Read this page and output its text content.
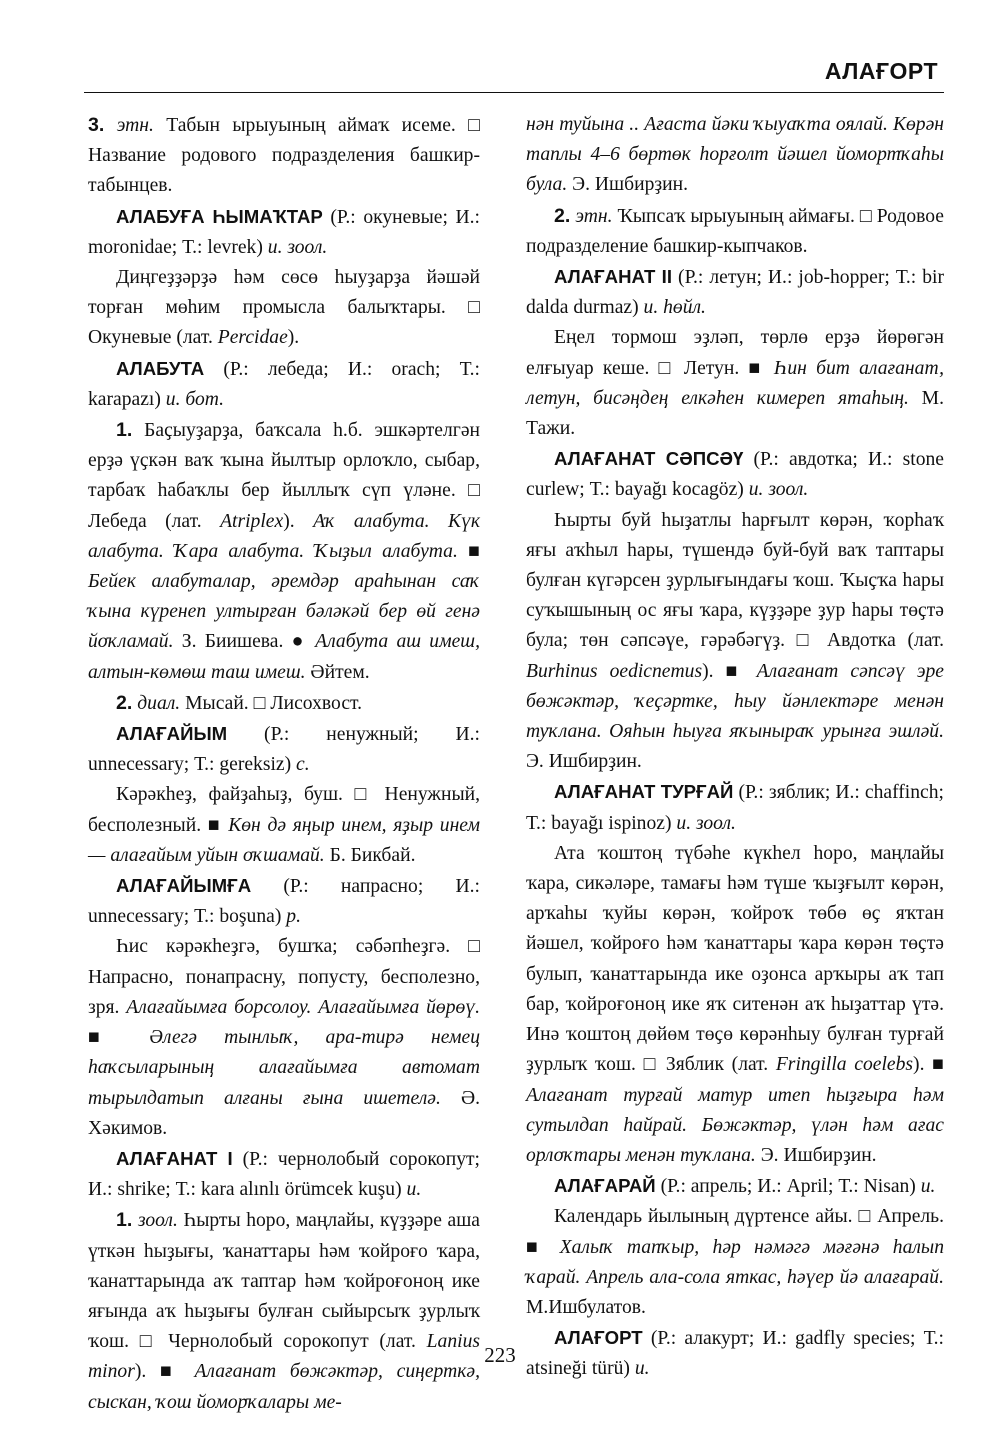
АЛАҒОРТ

3. этн. Табын ырыуының аймаҡ исеме. □ Название родового подразделения башкир-табынцев.

АЛАБУҒА ҺЫМАҠТАР (Р.: окуневые; И.: moronidae; Т.: levrek) и. зоол.

Диңгеҙҙәрҙә һәм сөсө һыуҙарҙа йәшәй торған мөһим промысла балыҡтары. □ Окуневые (лат. Percidae).

АЛАБУТА (Р.: лебеда; И.: orach; Т.: karapazı) и. бот.

1. Баҫыуҙарҙа, баҡсала һ.б. эшкәртелгән ерҙә үҫкән ваҡ ҡына йылтыр орлоҡло, сыбар, тарбаҡ һабаҡлы бер йыллыҡ сүп үләне. □ Лебеда (лат. Atriplex). Аҡ алабута. Күк алабута. Ҡара алабута. Ҡыҙыл алабута. ■ Бейек алабуталар, әремдәр араһынан саҡ ҡына күренеп ултырған бәләкәй бер өй генә йоҡламай. З. Биишева. ● Алабута аш имеш, алтын-көмөш таш имеш. Әйтем.

2. диал. Мысай. □ Лисохвост.

АЛАҒАЙЫМ (Р.: ненужный; И.: unnecessary; Т.: gereksiz) с.

Кәрәкһеҙ, файҙаһыҙ, буш. □ Ненужный, бесполезный. ■ Көн дә яңыр инем, яҙыр инем — алағайым уйын оҡшамай. Б. Бикбай.

АЛАҒАЙЫМҒА (Р.: напрасно; И.: unnecessary; Т.: boşuna) р.

Һис кәрәкһеҙгә, бушҡа; сәбәпһеҙгә. □ Напрасно, понапрасну, попусту, бесполезно, зря. Алағайымға борсолоу. Алағайымға йөрөү. ■ Әлегә тынлыҡ, ара-тирә немец һаҡсыларының алағайымға автомат тырылдатып алғаны ғына ишетелә. Ә. Хәкимов.

АЛАҒАНАТ I (Р.: чернолобый сорокопут; И.: shrike; Т.: kara alınlı örümcek kuşu) и.

1. зоол. Һырты һоро, маңлайы, күҙҙәре аша үткән һыҙығы, ҡанаттары һәм ҡойроғо ҡара, ҡанаттарында аҡ таптар һәм ҡойроғоноң ике яғында аҡ һыҙығы булған сыйырсыҡ ҙурлыҡ ҡош. □ Чернолобый сорокопут (лат. Lanius minor). ■ Алағанат бөжәктәр, сиңерткә, сыскан, ҡош йоморҡалары ме-

нән туйына .. Ағаста йәки ҡыуаҡта оялай. Көрән таплы 4–6 бөртөк һорғолт йәшел йомортҡаһы була. Э. Ишбирҙин.

2. этн. Ҡыпсаҡ ырыуының аймағы. □ Родовое подразделение башкир-кыпчаков.

АЛАҒАНАТ II (Р.: летун; И.: job-hopper; Т.: bir dalda durmaz) и. һөйл.

Еңел тормош эҙләп, төрлө ерҙә йөрөгән елғыуар кеше. □ Летун. ■ Һин бит алағанат, летун, бисәңдең елкәһен кимереп ятаһың. М. Тажи.

АЛАҒАНАТ СӘПСӘҮ (Р.: авдотка; И.: stone curlew; Т.: bayağı kocagöz) и. зоол.

Һырты буй һыҙатлы һарғылт көрән, ҡорһаҡ яғы аҡһыл һары, түшендә буй-буй ваҡ таптары булған күгәрсен ҙурлығындағы ҡош. Ҡыҫҡа һары суҡышының ос яғы ҡара, күҙҙәре ҙур һары төҫтә була; төн сәпсәүе, гәрәбәгүҙ. □ Авдотка (лат. Burhinus oedicnemus). ■ Алағанат сәпсәү эре бөжәктәр, ҡеҫәртке, һыу йәнлектәре менән туҡлана. Ояһын һыуға яҡыныраҡ урынға эшләй. Э. Ишбирҙин.

АЛАҒАНАТ ТУРҒАЙ (Р.: зяблик; И.: chaffinch; Т.: bayağı ispinoz) и. зоол.

Ата ҡоштоң түбәһе күкһел һоро, маңлайы ҡара, сикәләре, тамағы һәм түше ҡыҙғылт көрән, арҡаһы ҡуйы көрән, ҡойроҡ төбө өҫ яҡтан йәшел, ҡойроғо һәм ҡанаттары ҡара көрән төҫтә булып, ҡанаттарында ике оҙонса арҡыры аҡ тап бар, ҡойроғоноң ике яҡ ситенән аҡ һыҙаттар үтә. Инә ҡоштоң дөйөм төҫө көрәнһыу булған турғай ҙурлыҡ ҡош. □ Зяблик (лат. Fringilla coelebs). ■ Алағанат турғай матур итеп һыҙғыра һәм сутылдап һайрай. Бөжәктәр, үлән һәм ағас орлоҡтары менән туҡлана. Э. Ишбирҙин.

АЛАҒАРАЙ (Р.: апрель; И.: April; Т.: Nisan) и.

Календарь йылының дүртенсе айы. □ Апрель. ■ Халыҡ тапҡыр, һәр нәмәгә мәғәнә һалып ҡарай. Апрель ала-сола яткас, һәүер йә алағарай. М.Ишбулатов.

АЛАҒОРТ (Р.: алакурт; И.: gadfly species; Т.: atsineği türü) и.

223
